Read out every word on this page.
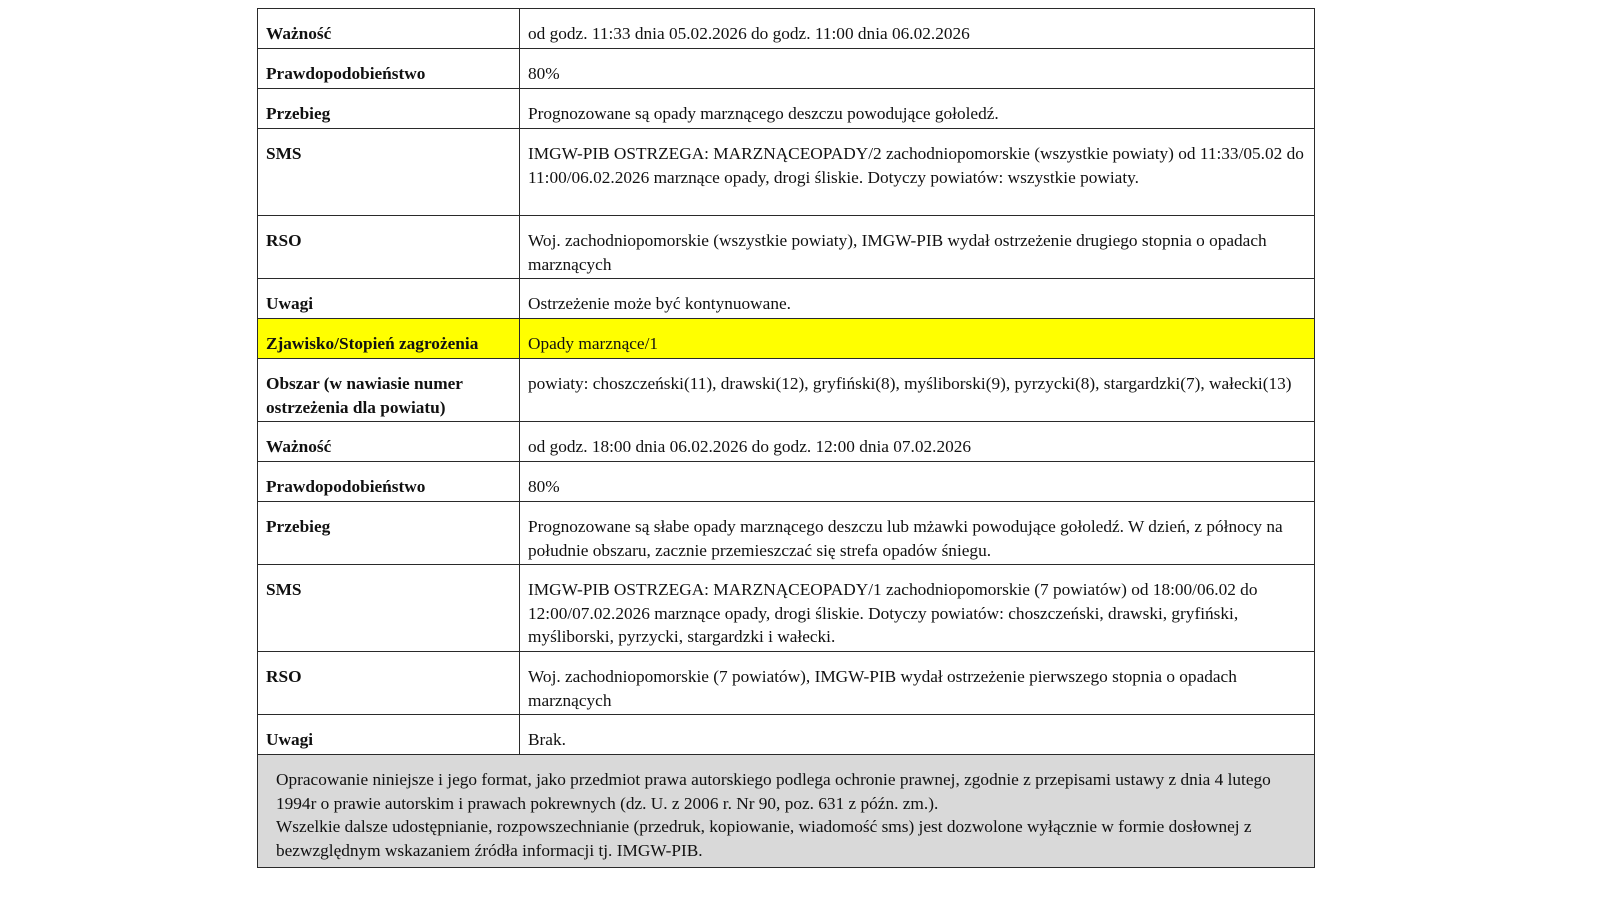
Ważność	od godz. 11:33 dnia 05.02.2026 do godz. 11:00 dnia 06.02.2026
Prawdopodobieństwo	80%
Przebieg	Prognozowane są opady marznącego deszczu powodujące gołoledź.
SMS	IMGW-PIB OSTRZEGA: MARZNĄCEOPADY/2 zachodniopomorskie (wszystkie powiaty) od 11:33/05.02 do 11:00/06.02.2026 marznące opady, drogi śliskie. Dotyczy powiatów: wszystkie powiaty.
RSO	Woj. zachodniopomorskie (wszystkie powiaty), IMGW-PIB wydał ostrzeżenie drugiego stopnia o opadach marznących
Uwagi	Ostrzeżenie może być kontynuowane.
Zjawisko/Stopień zagrożenia	Opady marznące/1
Obszar (w nawiasie numer ostrzeżenia dla powiatu)	powiaty: choszczeński(11), drawski(12), gryfiński(8), myśliborski(9), pyrzycki(8), stargardzki(7), wałecki(13)
Ważność	od godz. 18:00 dnia 06.02.2026 do godz. 12:00 dnia 07.02.2026
Prawdopodobieństwo	80%
Przebieg	Prognozowane są słabe opady marznącego deszczu lub mżawki powodujące gołoledź. W dzień, z północy na południe obszaru, zacznie przemieszczać się strefa opadów śniegu.
SMS	IMGW-PIB OSTRZEGA: MARZNĄCEOPADY/1 zachodniopomorskie (7 powiatów) od 18:00/06.02 do 12:00/07.02.2026 marznące opady, drogi śliskie. Dotyczy powiatów: choszczeński, drawski, gryfiński, myśliborski, pyrzycki, stargardzki i wałecki.
RSO	Woj. zachodniopomorskie (7 powiatów), IMGW-PIB wydał ostrzeżenie pierwszego stopnia o opadach marznących
Uwagi	Brak.

Opracowanie niniejsze i jego format, jako przedmiot prawa autorskiego podlega ochronie prawnej, zgodnie z przepisami ustawy z dnia 4 lutego 1994r o prawie autorskim i prawach pokrewnych (dz. U. z 2006 r. Nr 90, poz. 631 z późn. zm.).
Wszelkie dalsze udostępnianie, rozpowszechnianie (przedruk, kopiowanie, wiadomość sms) jest dozwolone wyłącznie w formie dosłownej z bezwzględnym wskazaniem źródła informacji tj. IMGW-PIB.	
